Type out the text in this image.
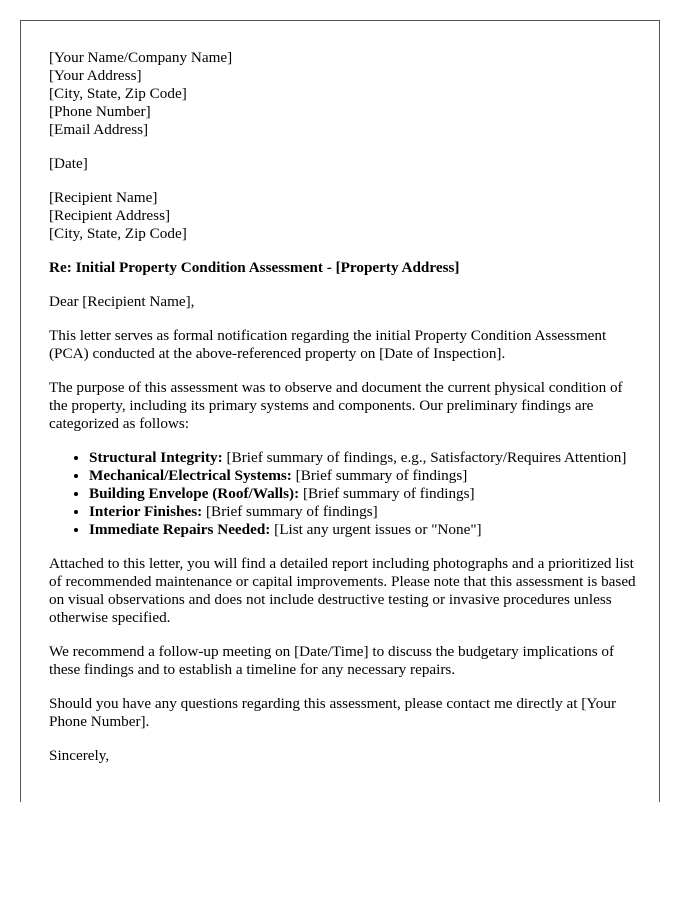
[Your Name/Company Name]
[Your Address]
[City, State, Zip Code]
[Phone Number]
[Email Address]

[Date]

[Recipient Name]
[Recipient Address]
[City, State, Zip Code]

Re: Initial Property Condition Assessment - [Property Address]

Dear [Recipient Name],

This letter serves as formal notification regarding the initial Property Condition Assessment (PCA) conducted at the above-referenced property on [Date of Inspection].

The purpose of this assessment was to observe and document the current physical condition of the property, including its primary systems and components. Our preliminary findings are categorized as follows:

• Structural Integrity: [Brief summary of findings, e.g., Satisfactory/Requires Attention]
• Mechanical/Electrical Systems: [Brief summary of findings]
• Building Envelope (Roof/Walls): [Brief summary of findings]
• Interior Finishes: [Brief summary of findings]
• Immediate Repairs Needed: [List any urgent issues or "None"]

Attached to this letter, you will find a detailed report including photographs and a prioritized list of recommended maintenance or capital improvements. Please note that this assessment is based on visual observations and does not include destructive testing or invasive procedures unless otherwise specified.

We recommend a follow-up meeting on [Date/Time] to discuss the budgetary implications of these findings and to establish a timeline for any necessary repairs.

Should you have any questions regarding this assessment, please contact me directly at [Your Phone Number].

Sincerely,
